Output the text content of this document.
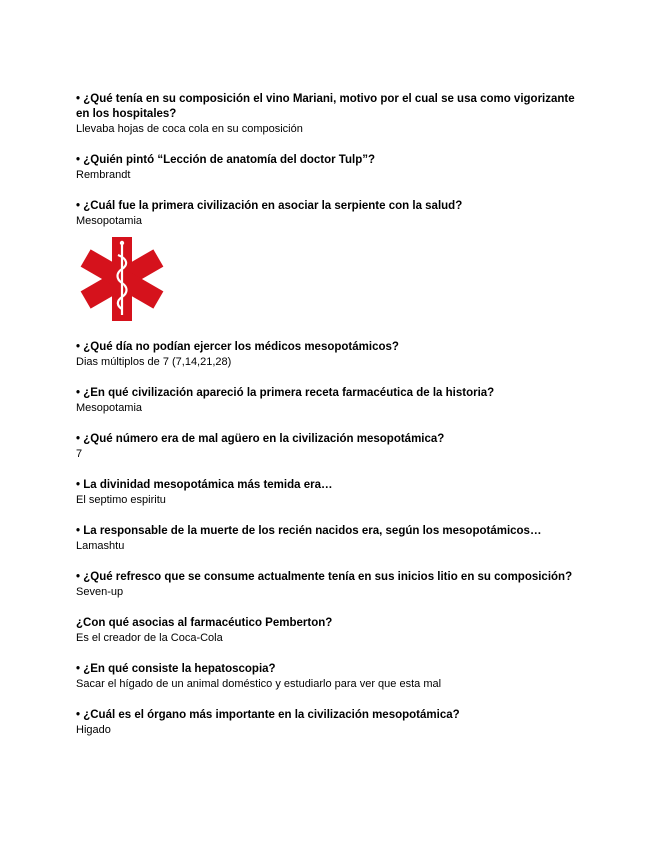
• ¿Qué tenía en su composición el vino Mariani, motivo por el cual se usa como vigorizante en los hospitales?
Llevaba hojas de coca cola en su composición
• ¿Quién pintó “Lección de anatomía del doctor Tulp”?
Rembrandt
• ¿Cuál fue la primera civilización en asociar la serpiente con la salud?
Mesopotamia
• ¿Qué día no podían ejercer los médicos mesopotámicos?
Dias múltiplos de 7 (7,14,21,28)
• ¿En qué civilización apareció la primera receta farmacéutica de la historia?
Mesopotamia
• ¿Qué número era de mal agüero en la civilización mesopotámica?
7
• La divinidad mesopotámica más temida era…
El septimo espiritu
• La responsable de la muerte de los recién nacidos era, según los mesopotámicos…
Lamashtu
• ¿Qué refresco que se consume actualmente tenía en sus inicios litio en su composición?
Seven-up
¿Con qué asocias al farmacéutico Pemberton?
Es el creador de la Coca-Cola
• ¿En qué consiste la hepatoscopia?
Sacar el hígado de un animal doméstico y estudiarlo para ver que esta mal
• ¿Cuál es el órgano más importante en la civilización mesopotámica?
Higado
